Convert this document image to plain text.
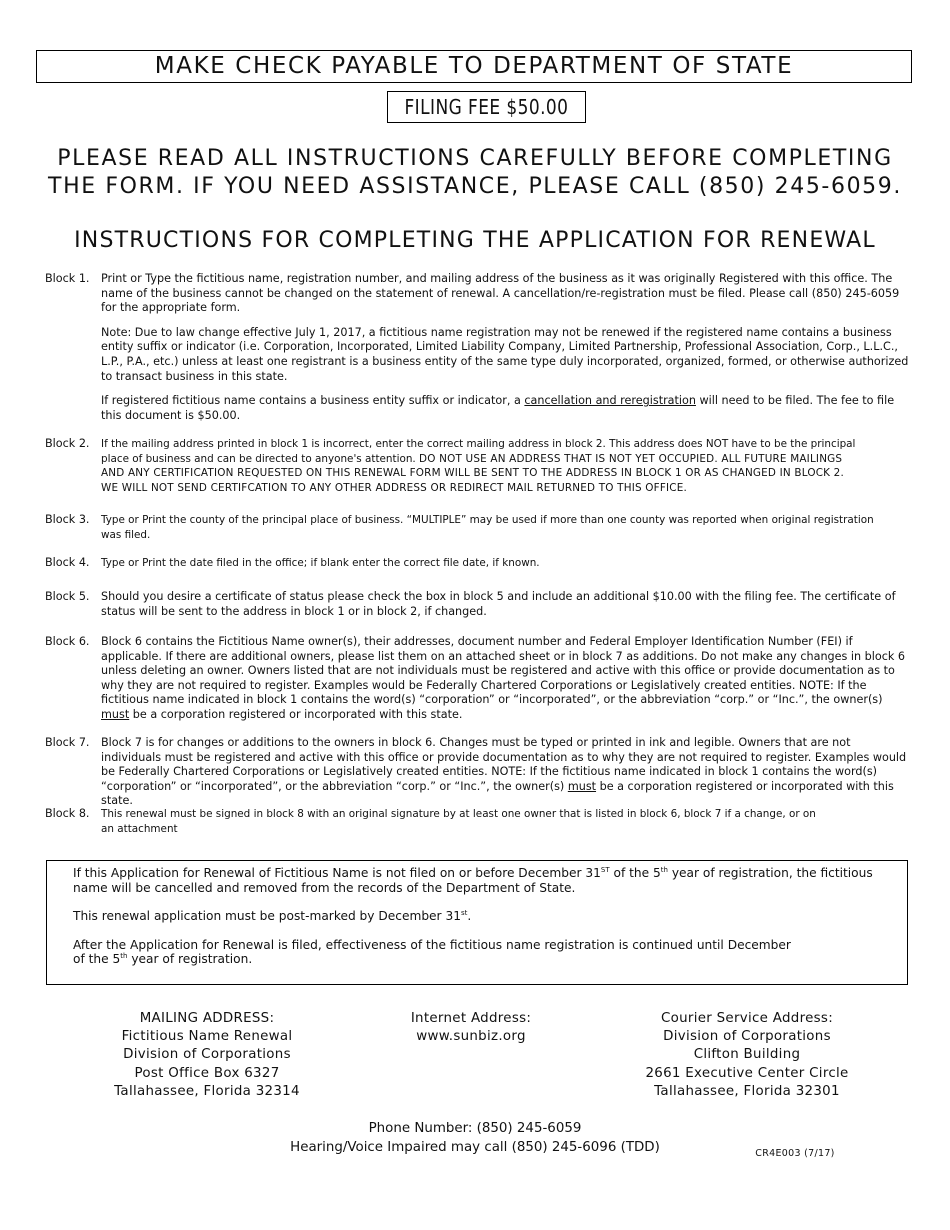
MAKE CHECK PAYABLE TO DEPARTMENT OF STATE
FILING FEE $50.00
PLEASE READ ALL INSTRUCTIONS CAREFULLY BEFORE COMPLETING
THE FORM. IF YOU NEED ASSISTANCE, PLEASE CALL (850) 245-6059.
INSTRUCTIONS FOR COMPLETING THE APPLICATION FOR RENEWAL
Block 1.	Print or Type the fictitious name, registration number, and mailing address of the business as it was originally Registered with this office. The name of the business cannot be changed on the statement of renewal. A cancellation/re-registration must be filed. Please call (850) 245-6059 for the appropriate form.

Note: Due to law change effective July 1, 2017, a fictitious name registration may not be renewed if the registered name contains a business entity suffix or indicator (i.e. Corporation, Incorporated, Limited Liability Company, Limited Partnership, Professional Association, Corp., L.L.C., L.P., P.A., etc.) unless at least one registrant is a business entity of the same type duly incorporated, organized, formed, or otherwise authorized to transact business in this state.

If registered fictitious name contains a business entity suffix or indicator, a cancellation and reregistration will need to be filed. The fee to file this document is $50.00.

Block 2.	If the mailing address printed in block 1 is incorrect, enter the correct mailing address in block 2. This address does NOT have to be the principal place of business and can be directed to anyone's attention. DO NOT USE AN ADDRESS THAT IS NOT YET OCCUPIED. ALL FUTURE MAILINGS AND ANY CERTIFICATION REQUESTED ON THIS RENEWAL FORM WILL BE SENT TO THE ADDRESS IN BLOCK 1 OR AS CHANGED IN BLOCK 2. WE WILL NOT SEND CERTIFCATION TO ANY OTHER ADDRESS OR REDIRECT MAIL RETURNED TO THIS OFFICE.
Block 3.	Type or Print the county of the principal place of business. “MULTIPLE” may be used if more than one county was reported when original registration was filed.
Block 4.	Type or Print the date filed in the office; if blank enter the correct file date, if known.
Block 5.	Should you desire a certificate of status please check the box in block 5 and include an additional $10.00 with the filing fee. The certificate of status will be sent to the address in block 1 or in block 2, if changed.
Block 6.	Block 6 contains the Fictitious Name owner(s), their addresses, document number and Federal Employer Identification Number (FEI) if applicable. If there are additional owners, please list them on an attached sheet or in block 7 as additions. Do not make any changes in block 6 unless deleting an owner. Owners listed that are not individuals must be registered and active with this office or provide documentation as to why they are not required to register. Examples would be Federally Chartered Corporations or Legislatively created entities. NOTE: If the fictitious name indicated in block 1 contains the word(s) “corporation” or “incorporated”, or the abbreviation “corp.” or “Inc.”, the owner(s) must be a corporation registered or incorporated with this state.
Block 7.	Block 7 is for changes or additions to the owners in block 6. Changes must be typed or printed in ink and legible. Owners that are not individuals must be registered and active with this office or provide documentation as to why they are not required to register. Examples would be Federally Chartered Corporations or Legislatively created entities. NOTE: If the fictitious name indicated in block 1 contains the word(s) “corporation” or “incorporated”, or the abbreviation “corp.” or “Inc.”, the owner(s) must be a corporation registered or incorporated with this state.
Block 8.	This renewal must be signed in block 8 with an original signature by at least one owner that is listed in block 6, block 7 if a change, or on an attachment

If this Application for Renewal of Fictitious Name is not filed on or before December 31ST of the 5th year of registration, the fictitious name will be cancelled and removed from the records of the Department of State.

This renewal application must be post-marked by December 31st.

After the Application for Renewal is filed, effectiveness of the fictitious name registration is continued until December of the 5th year of registration.

MAILING ADDRESS:
Fictitious Name Renewal
Division of Corporations
Post Office Box 6327
Tallahassee, Florida 32314
Internet Address:
www.sunbiz.org
Courier Service Address:
Division of Corporations
Clifton Building
2661 Executive Center Circle
Tallahassee, Florida 32301
Phone Number: (850) 245-6059
Hearing/Voice Impaired may call (850) 245-6096 (TDD)	CR4E003 (7/17)
